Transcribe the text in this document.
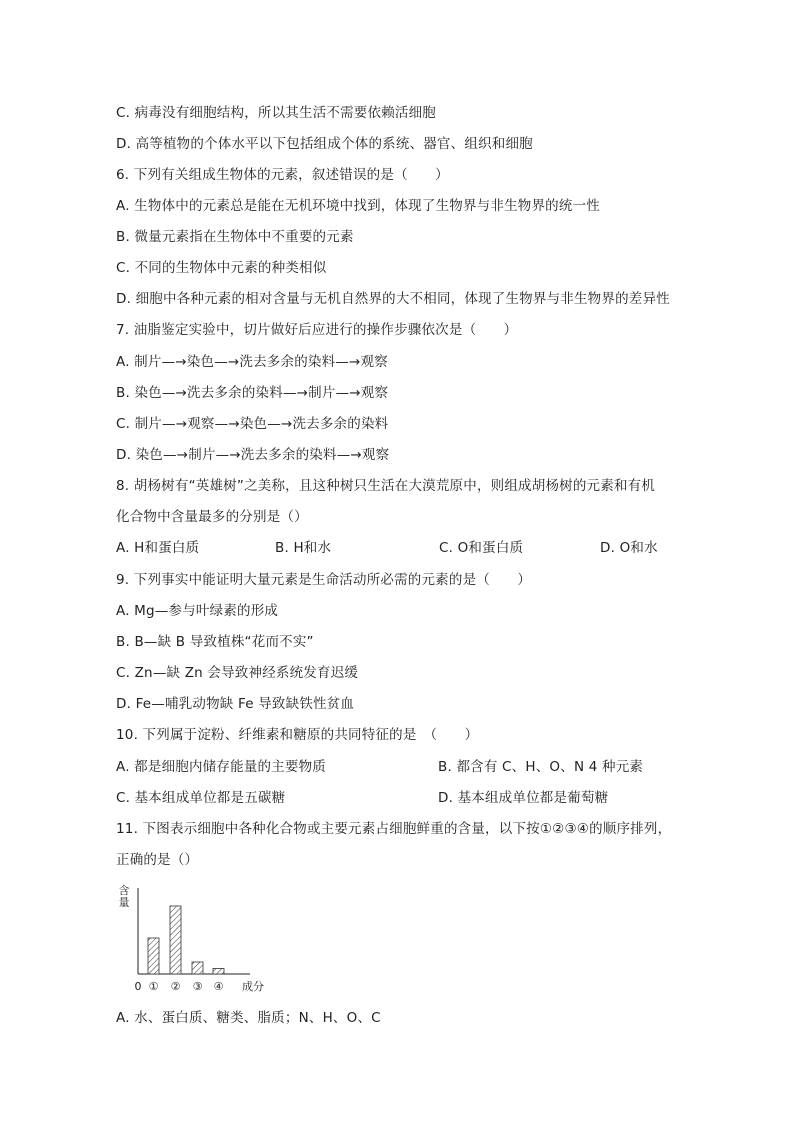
C. 病毒没有细胞结构，所以其生活不需要依赖活细胞
D. 高等植物的个体水平以下包括组成个体的系统、器官、组织和细胞
6. 下列有关组成生物体的元素，叙述错误的是（　　）
A. 生物体中的元素总是能在无机环境中找到，体现了生物界与非生物界的统一性
B. 微量元素指在生物体中不重要的元素
C. 不同的生物体中元素的种类相似
D. 细胞中各种元素的相对含量与无机自然界的大不相同，体现了生物界与非生物界的差异性
7. 油脂鉴定实验中，切片做好后应进行的操作步骤依次是（　　）
A. 制片—→染色—→洗去多余的染料—→观察
B. 染色—→洗去多余的染料—→制片—→观察
C. 制片—→观察—→染色—→洗去多余的染料
D. 染色—→制片—→洗去多余的染料—→观察
8. 胡杨树有“英雄树”之美称，且这种树只生活在大漠荒原中，则组成胡杨树的元素和有机
化合物中含量最多的分别是（）
A. H和蛋白质	B. H和水	C. O和蛋白质	D. O和水
9. 下列事实中能证明大量元素是生命活动所必需的元素的是（　　）
A. Mg—参与叶绿素的形成
B. B—缺 B 导致植株“花而不实”
C. Zn—缺 Zn 会导致神经系统发育迟缓
D. Fe—哺乳动物缺 Fe 导致缺铁性贫血
10. 下列属于淀粉、纤维素和糖原的共同特征的是　（　　）
A. 都是细胞内储存能量的主要物质	B. 都含有 C、H、O、N 4 种元素
C. 基本组成单位都是五碳糖	D. 基本组成单位都是葡萄糖
11. 下图表示细胞中各种化合物或主要元素占细胞鲜重的含量，以下按①②③④的顺序排列，
正确的是（）
含
量
0 ① ② ③ ④ 成分
A. 水、蛋白质、糖类、脂质；N、H、O、C
